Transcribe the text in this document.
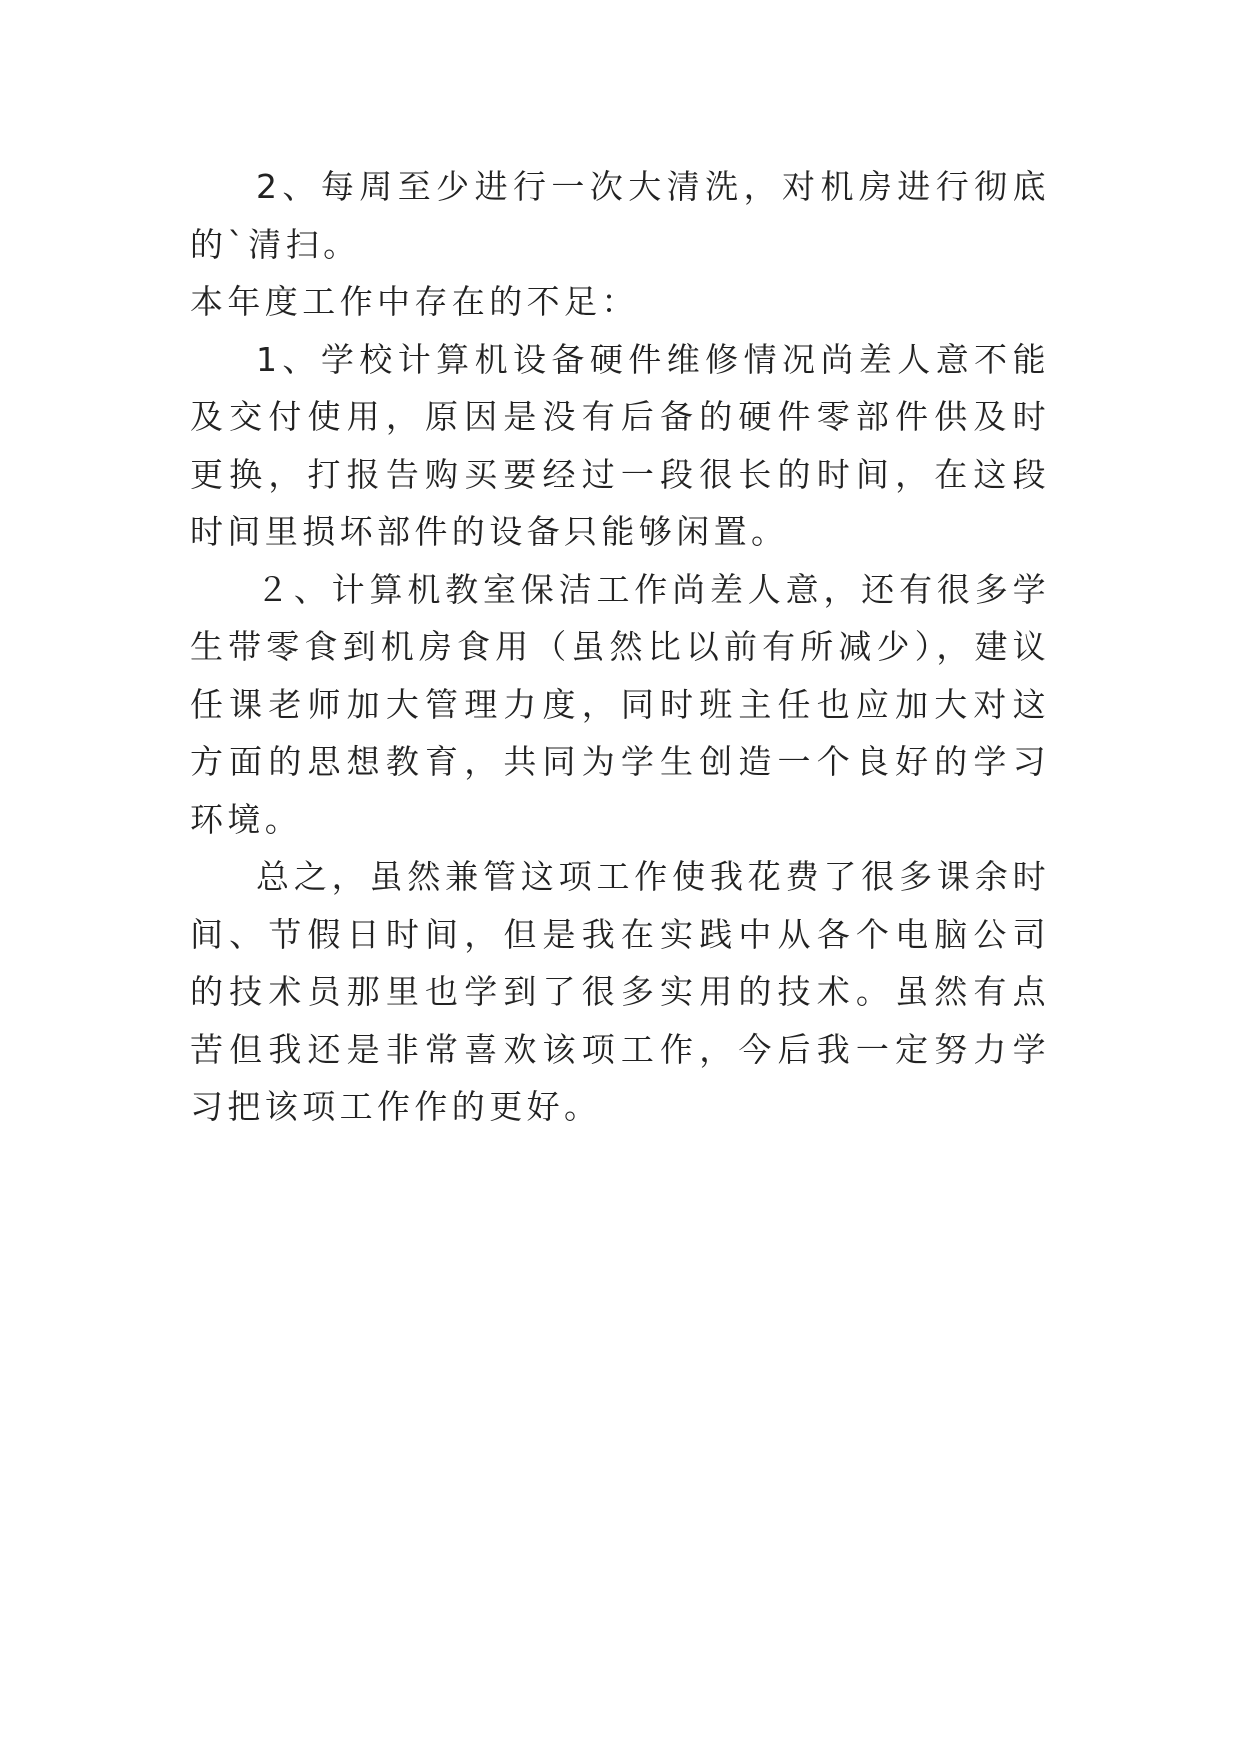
2、每周至少进行一次大清洗，对机房进行彻底的`清扫。

本年度工作中存在的不足：

1、学校计算机设备硬件维修情况尚差人意不能及交付使用，原因是没有后备的硬件零部件供及时更换，打报告购买要经过一段很长的时间，在这段时间里损坏部件的设备只能够闲置。

２、计算机教室保洁工作尚差人意，还有很多学生带零食到机房食用（虽然比以前有所减少），建议任课老师加大管理力度，同时班主任也应加大对这方面的思想教育，共同为学生创造一个良好的学习环境。

总之，虽然兼管这项工作使我花费了很多课余时间、节假日时间，但是我在实践中从各个电脑公司的技术员那里也学到了很多实用的技术。虽然有点苦但我还是非常喜欢该项工作，今后我一定努力学习把该项工作作的更好。
